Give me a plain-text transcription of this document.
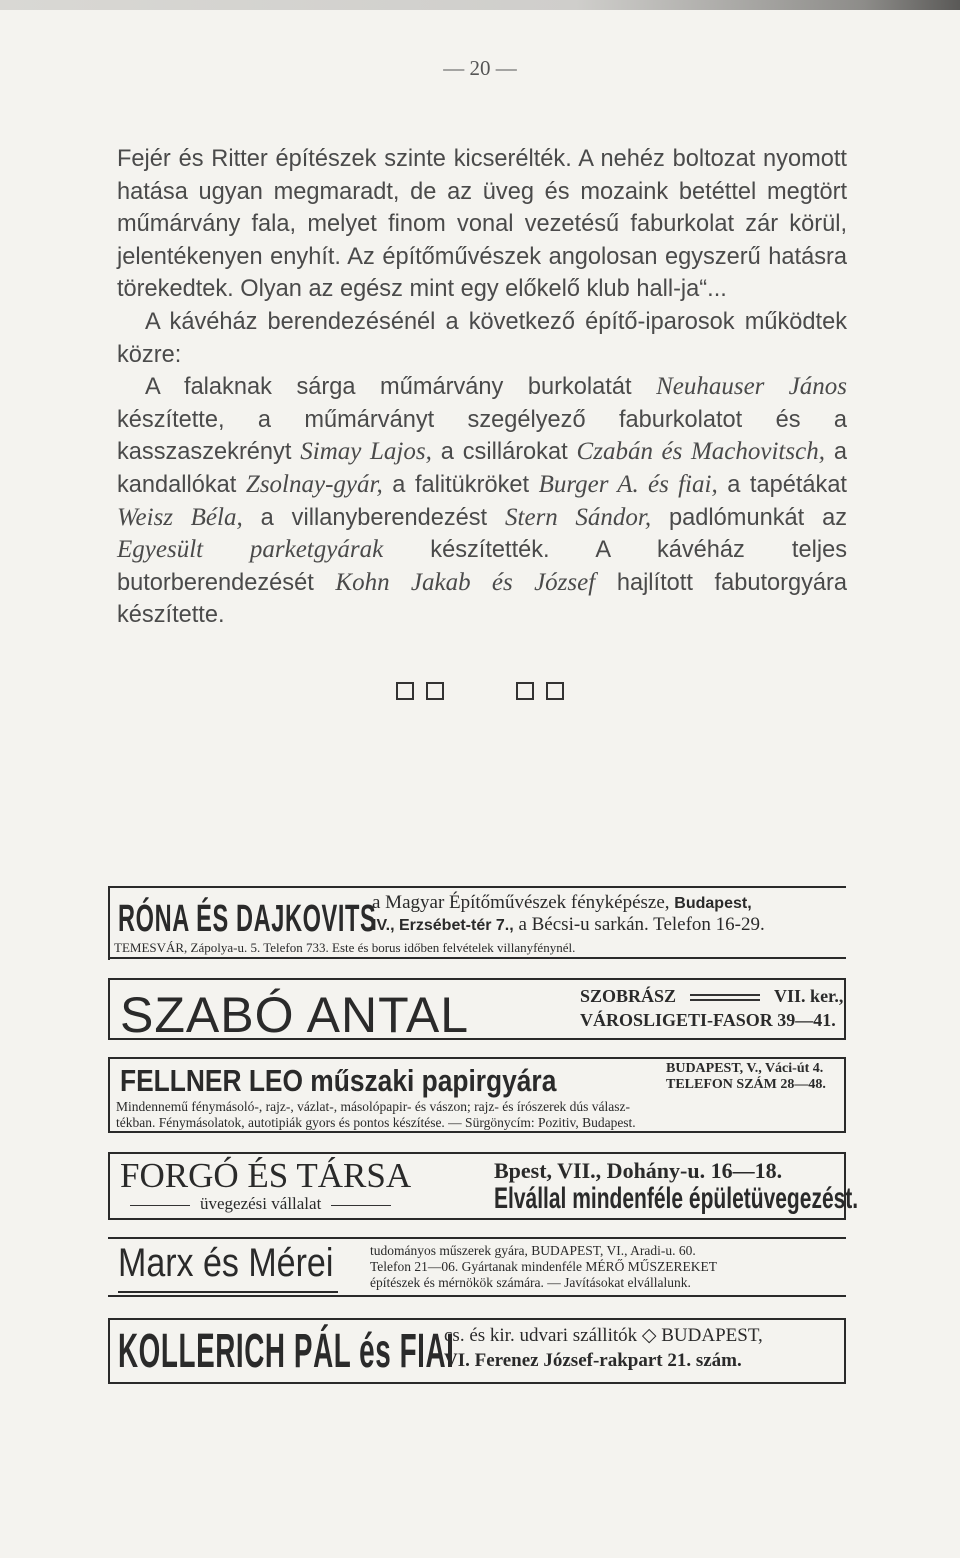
— 20 —

Fejér és Ritter építészek szinte kicserélték. A nehéz boltozat nyomott hatása ugyan megmaradt, de az üveg és mozaink betéttel megtört műmárvány fala, melyet finom vonal vezetésű faburkolat zár körül, jelentékenyen enyhít. Az építőművészek angolosan egyszerű hatásra törekedtek. Olyan az egész mint egy előkelő klub hall-ja“...

A kávéház berendezésénél a következő építő-iparosok működtek közre:

A falaknak sárga műmárvány burkolatát Neuhauser János készítette, a műmárványt szegélyező faburkolatot és a kasszaszekrényt Simay Lajos, a csillárokat Czabán és Machovitsch, a kandallókat Zsolnay-gyár, a falitükröket Burger A. és fiai, a tapétákat Weisz Béla, a villanyberendezést Stern Sándor, padlómunkát az Egyesült parketgyárak készítették. A kávéház teljes butorberendezését Kohn Jakab és József hajlított fabutorgyára készítette.

RÓNA ÉS DAJKOVITS
a Magyar Építőművészek fényképésze, Budapest,
IV., Erzsébet-tér 7., a Bécsi-u sarkán. Telefon 16-29.
TEMESVÁR, Zápolya-u. 5. Telefon 733. Este és borus időben felvételek villanyfénynél.
SZABÓ ANTAL	SZOBRÁSZ	VII. ker.,
VÁROSLIGETI-FASOR 39—41.
FELLNER LEO műszaki papirgyára	BUDAPEST, V., Váci-út 4.
TELEFON SZÁM 28—48.
Mindennemű fénymásoló-, rajz-, vázlat-, másolópapir- és vászon; rajz- és írószerek dús válasz-
tékban. Fénymásolatok, autotipiák gyors és pontos készítése. — Sürgönycím: Pozitiv, Budapest.
FORGÓ ÉS TÁRSA
üvegezési vállalat
Bpest, VII., Dohány-u. 16—18.
Elvállal mindenféle épületüvegezést.
Marx és Mérei	tudományos műszerek gyára, BUDAPEST, VI., Aradi-u. 60.
Telefon 21—06. Gyártanak mindenféle MÉRŐ MŰSZEREKET
építészek és mérnökök számára. — Javításokat elvállalunk.
KOLLERICH PÁL és FIAI
cs. és kir. udvari szállitók ◇ BUDAPEST,
VI. Ferenez József-rakpart 21. szám.
